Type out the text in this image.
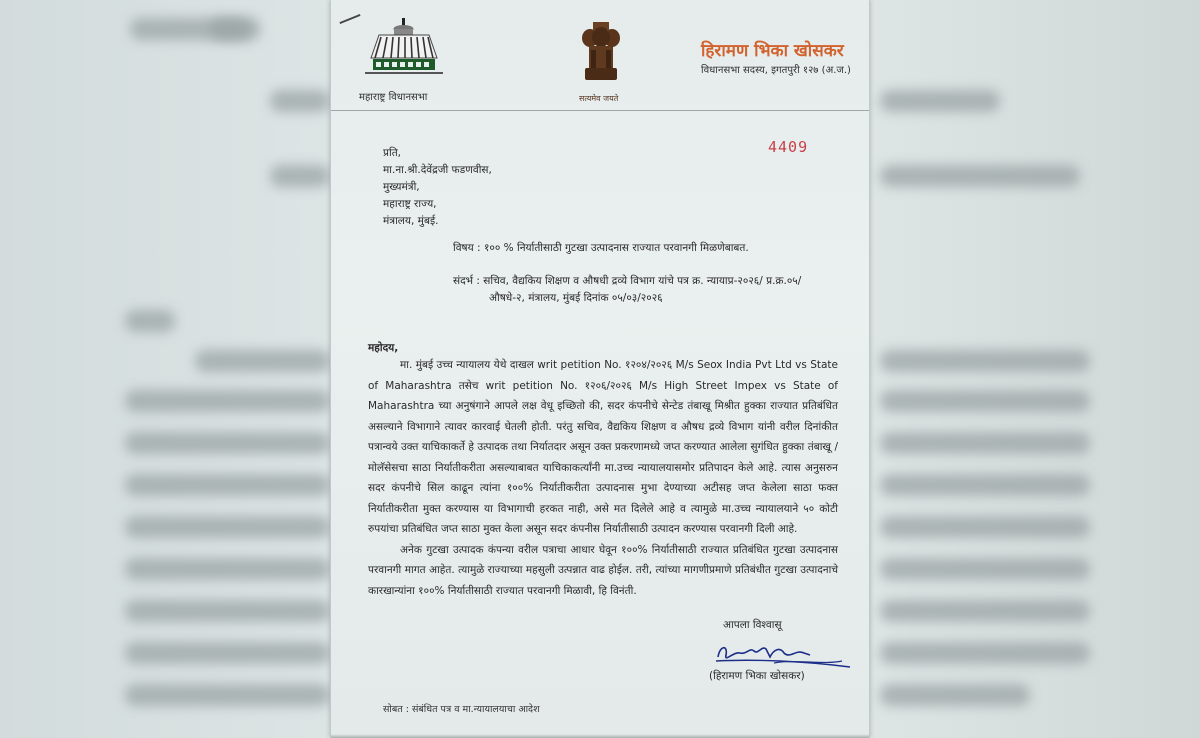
महाराष्ट्र विधानसभा	सत्यमेव जयते
हिरामण भिका खोसकर
विधानसभा सदस्य, इगतपुरी १२७ (अ.ज.)
4409
प्रति,
मा.ना.श्री.देवेंद्रजी फडणवीस,
मुख्यमंत्री,
महाराष्ट्र राज्य,
मंत्रालय, मुंबई.
विषय : १०० % निर्यातीसाठी गुटखा उत्पादनास राज्यात परवानगी मिळणेबाबत.
संदर्भ : सचिव, वैद्यकिय शिक्षण व औषधी द्रव्ये विभाग यांचे पत्र क्र. न्यायाप्र-२०२६/ प्र.क्र.०५/
औषधे-२, मंत्रालय, मुंबई दिनांक ०५/०३/२०२६
महोदय,

मा. मुंबई उच्च न्यायालय येथे दाखल writ petition No. १२०४/२०२६ M/s Seox India Pvt Ltd vs State of Maharashtra तसेच writ petition No. १२०६/२०२६ M/s High Street Impex vs State of Maharashtra च्या अनुषंगाने आपले लक्ष वेधू इच्छितो की, सदर कंपनीचे सेन्टेड तंबाखू मिश्रीत हुक्का राज्यात प्रतिबंधित असल्याने विभागाने त्यावर कारवाई घेतली होती. परंतु सचिव, वैद्यकिय शिक्षण व औषध द्रव्ये विभाग यांनी वरील दिनांकीत पत्रान्वये उक्त याचिकाकर्ते हे उत्पादक तथा निर्यातदार असून उक्त प्रकरणामध्ये जप्त करण्यात आलेला सुगंधित हुक्का तंबाखू / मोलॅसेसचा साठा निर्यातीकरीता असल्याबाबत याचिकाकर्त्यांनी मा.उच्च न्यायालयासमोर प्रतिपादन केले आहे. त्यास अनुसरुन सदर कंपनीचे सिल काढून त्यांना १००% निर्यातीकरीता उत्पादनास मुभा देण्याच्या अटीसह जप्त केलेला साठा फक्त निर्यातीकरीता मुक्त करण्यास या विभागाची हरकत नाही, असे मत दिलेले आहे व त्यामुळे मा.उच्च न्यायालयाने ५० कोटी रुपयांचा प्रतिबंधित जप्त साठा मुक्त केला असून सदर कंपनीस निर्यातीसाठी उत्पादन करण्यास परवानगी दिली आहे.

अनेक गुटखा उत्पादक कंपन्या वरील पत्राचा आधार घेवून १००% निर्यातीसाठी राज्यात प्रतिबंधित गुटखा उत्पादनास परवानगी मागत आहेत. त्यामुळे राज्याच्या महसुली उत्पन्नात वाढ होईल. तरी, त्यांच्या मागणीप्रमाणे प्रतिबंधीत गुटखा उत्पादनाचे कारखान्यांना १००% निर्यातीसाठी राज्यात परवानगी मिळावी, हि विनंती.

आपला विश्वासू
(हिरामण भिका खोसकर)
सोबत : संबंधित पत्र व मा.न्यायालयाचा आदेश
